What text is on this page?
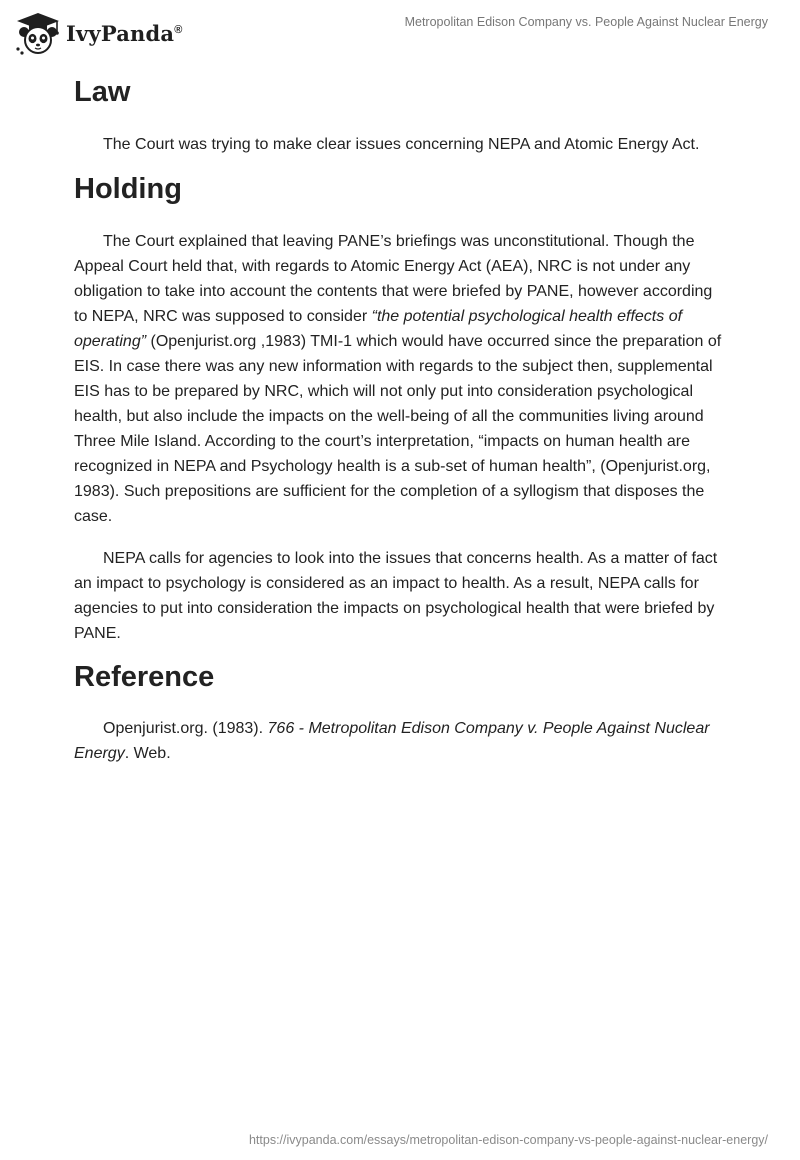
IvyPanda®
Metropolitan Edison Company vs. People Against Nuclear Energy
Law

The Court was trying to make clear issues concerning NEPA and Atomic Energy Act.

Holding

The Court explained that leaving PANE’s briefings was unconstitutional. Though the Appeal Court held that, with regards to Atomic Energy Act (AEA), NRC is not under any obligation to take into account the contents that were briefed by PANE, however according to NEPA, NRC was supposed to consider “the potential psychological health effects of operating” (Openjurist.org ,1983) TMI-1 which would have occurred since the preparation of EIS. In case there was any new information with regards to the subject then, supplemental EIS has to be prepared by NRC, which will not only put into consideration psychological health, but also include the impacts on the well-being of all the communities living around Three Mile Island. According to the court’s interpretation, “impacts on human health are recognized in NEPA and Psychology health is a sub-set of human health”, (Openjurist.org, 1983). Such prepositions are sufficient for the completion of a syllogism that disposes the case.

NEPA calls for agencies to look into the issues that concerns health. As a matter of fact an impact to psychology is considered as an impact to health. As a result, NEPA calls for agencies to put into consideration the impacts on psychological health that were briefed by PANE.

Reference

Openjurist.org. (1983). 766 - Metropolitan Edison Company v. People Against Nuclear Energy. Web.

https://ivypanda.com/essays/metropolitan-edison-company-vs-people-against-nuclear-energy/
